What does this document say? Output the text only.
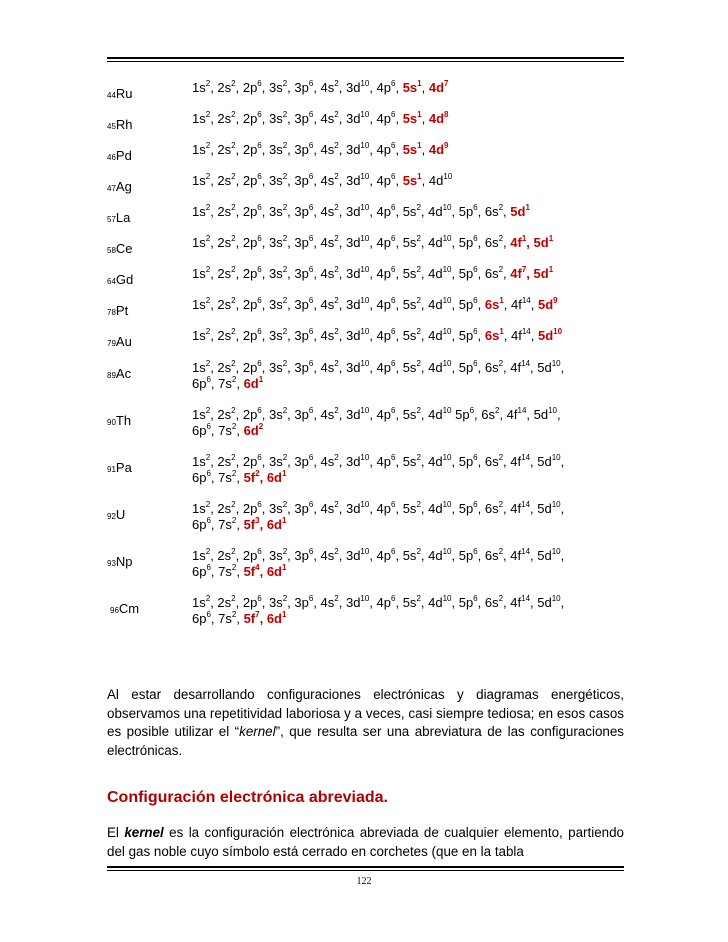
44Ru	$1s^2$, $2s^2$, $2p^6$, $3s^2$, $3p^6$, $4s^2$, $3d^{10}$, $4p^6$, $5s^1$, $4d^7$
45Rh	$1s^2$, $2s^2$, $2p^6$, $3s^2$, $3p^6$, $4s^2$, $3d^{10}$, $4p^6$, $5s^1$, $4d^8$
46Pd	$1s^2$, $2s^2$, $2p^6$, $3s^2$, $3p^6$, $4s^2$, $3d^{10}$, $4p^6$, $5s^1$, $4d^9$
47Ag	$1s^2$, $2s^2$, $2p^6$, $3s^2$, $3p^6$, $4s^2$, $3d^{10}$, $4p^6$, $5s^1$, $4d^{10}$
57La	$1s^2$, $2s^2$, $2p^6$, $3s^2$, $3p^6$, $4s^2$, $3d^{10}$, $4p^6$, $5s^2$, $4d^{10}$, $5p^6$, $6s^2$, $5d^1$
58Ce	$1s^2$, $2s^2$, $2p^6$, $3s^2$, $3p^6$, $4s^2$, $3d^{10}$, $4p^6$, $5s^2$, $4d^{10}$, $5p^6$, $6s^2$, $4f^1$, $5d^1$
64Gd	$1s^2$, $2s^2$, $2p^6$, $3s^2$, $3p^6$, $4s^2$, $3d^{10}$, $4p^6$, $5s^2$, $4d^{10}$, $5p^6$, $6s^2$, $4f^7$, $5d^1$
78Pt	$1s^2$, $2s^2$, $2p^6$, $3s^2$, $3p^6$, $4s^2$, $3d^{10}$, $4p^6$, $5s^2$, $4d^{10}$, $5p^6$, $6s^1$, $4f^{14}$, $5d^9$
79Au	$1s^2$, $2s^2$, $2p^6$, $3s^2$, $3p^6$, $4s^2$, $3d^{10}$, $4p^6$, $5s^2$, $4d^{10}$, $5p^6$, $6s^1$, $4f^{14}$, $5d^{10}$
89Ac	$1s^2$, $2s^2$, $2p^6$, $3s^2$, $3p^6$, $4s^2$, $3d^{10}$, $4p^6$, $5s^2$, $4d^{10}$, $5p^6$, $6s^2$, $4f^{14}$, $5d^{10}$,
$6p^6$, $7s^2$, $6d^1$
90Th	$1s^2$, $2s^2$, $2p^6$, $3s^2$, $3p^6$, $4s^2$, $3d^{10}$, $4p^6$, $5s^2$, $4d^{10}$ $5p^6$, $6s^2$, $4f^{14}$, $5d^{10}$,
$6p^6$, $7s^2$, $6d^2$
91Pa	$1s^2$, $2s^2$, $2p^6$, $3s^2$, $3p^6$, $4s^2$, $3d^{10}$, $4p^6$, $5s^2$, $4d^{10}$, $5p^6$, $6s^2$, $4f^{14}$, $5d^{10}$,
$6p^6$, $7s^2$, $5f^2$, $6d^1$
92U	$1s^2$, $2s^2$, $2p^6$, $3s^2$, $3p^6$, $4s^2$, $3d^{10}$, $4p^6$, $5s^2$, $4d^{10}$, $5p^6$, $6s^2$, $4f^{14}$, $5d^{10}$,
$6p^6$, $7s^2$, $5f^3$, $6d^1$
93Np	$1s^2$, $2s^2$, $2p^6$, $3s^2$, $3p^6$, $4s^2$, $3d^{10}$, $4p^6$, $5s^2$, $4d^{10}$, $5p^6$, $6s^2$, $4f^{14}$, $5d^{10}$,
$6p^6$, $7s^2$, $5f^4$, $6d^1$
96Cm	$1s^2$, $2s^2$, $2p^6$, $3s^2$, $3p^6$, $4s^2$, $3d^{10}$, $4p^6$, $5s^2$, $4d^{10}$, $5p^6$, $6s^2$, $4f^{14}$, $5d^{10}$,
$6p^6$, $7s^2$, $5f^7$, $6d^1$
Al estar desarrollando configuraciones electrónicas y diagramas energéticos, observamos una repetitividad laboriosa y a veces, casi siempre tediosa; en esos casos es posible utilizar el “kernel”, que resulta ser una abreviatura de las configuraciones electrónicas.
Configuración electrónica abreviada.
El kernel es la configuración electrónica abreviada de cualquier elemento, partiendo del gas noble cuyo símbolo está cerrado en corchetes (que en la tabla
122
